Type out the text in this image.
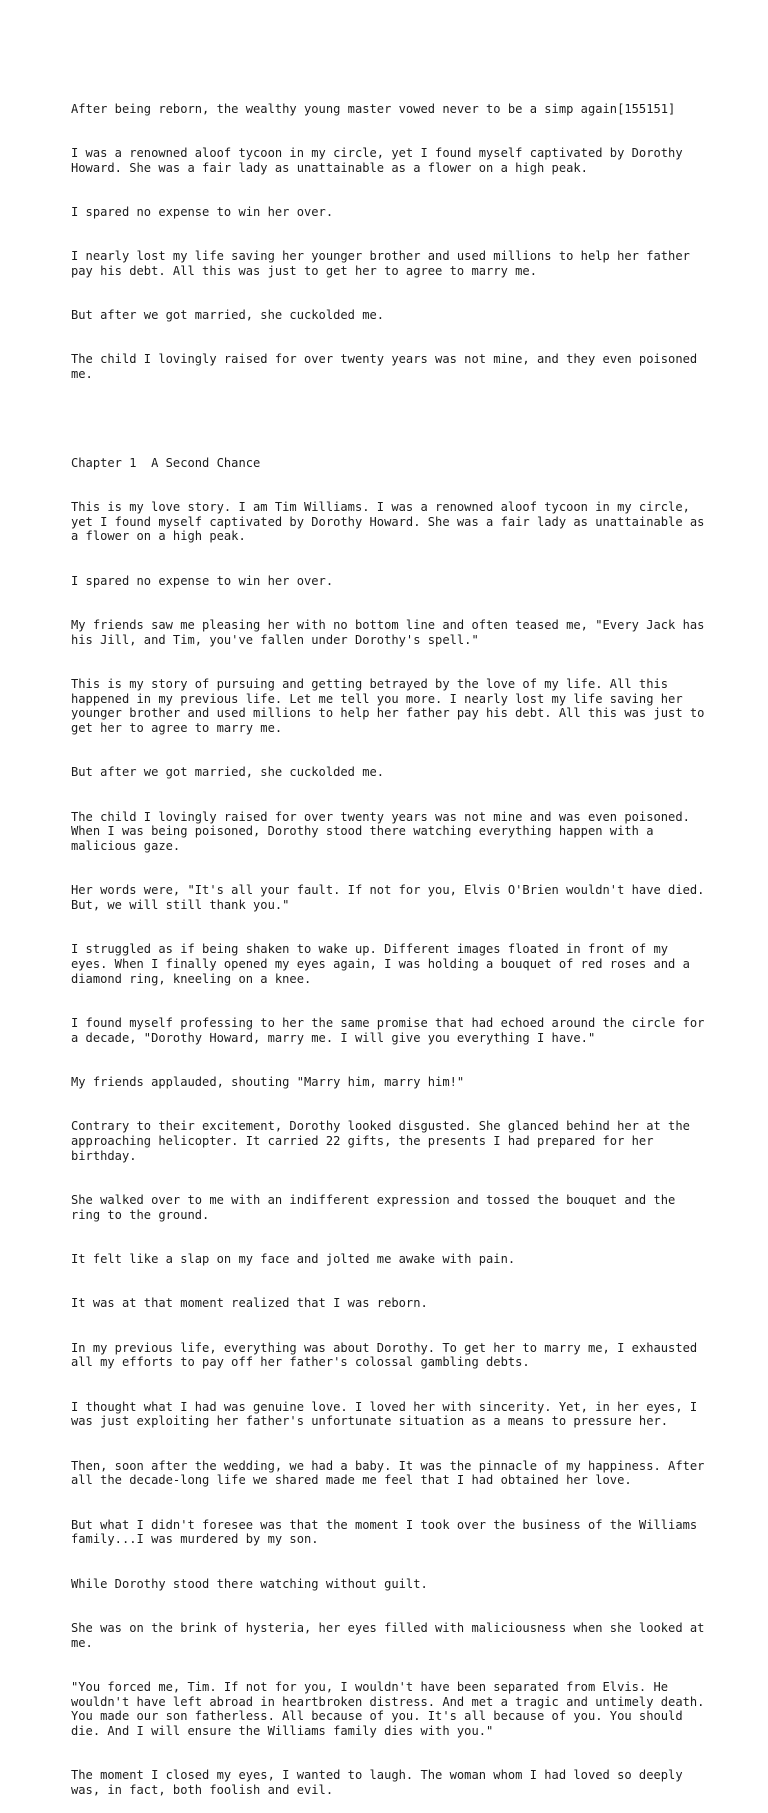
After being reborn, the wealthy young master vowed never to be a simp again[155151]

I was a renowned aloof tycoon in my circle, yet I found myself captivated by Dorothy Howard. She was a fair lady as unattainable as a flower on a high peak.

I spared no expense to win her over.

I nearly lost my life saving her younger brother and used millions to help her father pay his debt. All this was just to get her to agree to marry me.

But after we got married, she cuckolded me.

The child I lovingly raised for over twenty years was not mine, and they even poisoned me.

Chapter 1  A Second Chance

This is my love story. I am Tim Williams. I was a renowned aloof tycoon in my circle, yet I found myself captivated by Dorothy Howard. She was a fair lady as unattainable as a flower on a high peak.

I spared no expense to win her over.

My friends saw me pleasing her with no bottom line and often teased me, "Every Jack has his Jill, and Tim, you've fallen under Dorothy's spell."

This is my story of pursuing and getting betrayed by the love of my life. All this happened in my previous life. Let me tell you more. I nearly lost my life saving her younger brother and used millions to help her father pay his debt. All this was just to get her to agree to marry me.

But after we got married, she cuckolded me.

The child I lovingly raised for over twenty years was not mine and was even poisoned. When I was being poisoned, Dorothy stood there watching everything happen with a malicious gaze.

Her words were, "It's all your fault. If not for you, Elvis O'Brien wouldn't have died. But, we will still thank you."

I struggled as if being shaken to wake up. Different images floated in front of my eyes. When I finally opened my eyes again, I was holding a bouquet of red roses and a diamond ring, kneeling on a knee.

I found myself professing to her the same promise that had echoed around the circle for a decade, "Dorothy Howard, marry me. I will give you everything I have."

My friends applauded, shouting "Marry him, marry him!"

Contrary to their excitement, Dorothy looked disgusted. She glanced behind her at the approaching helicopter. It carried 22 gifts, the presents I had prepared for her birthday.

She walked over to me with an indifferent expression and tossed the bouquet and the ring to the ground.

It felt like a slap on my face and jolted me awake with pain.

It was at that moment realized that I was reborn.

In my previous life, everything was about Dorothy. To get her to marry me, I exhausted all my efforts to pay off her father's colossal gambling debts.

I thought what I had was genuine love. I loved her with sincerity. Yet, in her eyes, I was just exploiting her father's unfortunate situation as a means to pressure her.

Then, soon after the wedding, we had a baby. It was the pinnacle of my happiness. After all the decade-long life we shared made me feel that I had obtained her love.

But what I didn't foresee was that the moment I took over the business of the Williams family...I was murdered by my son.

While Dorothy stood there watching without guilt.

She was on the brink of hysteria, her eyes filled with maliciousness when she looked at me.

"You forced me, Tim. If not for you, I wouldn't have been separated from Elvis. He wouldn't have left abroad in heartbroken distress. And met a tragic and untimely death. You made our son fatherless. All because of you. It's all because of you. You should die. And I will ensure the Williams family dies with you."

The moment I closed my eyes, I wanted to laugh. The woman whom I had loved so deeply was, in fact, both foolish and evil.
